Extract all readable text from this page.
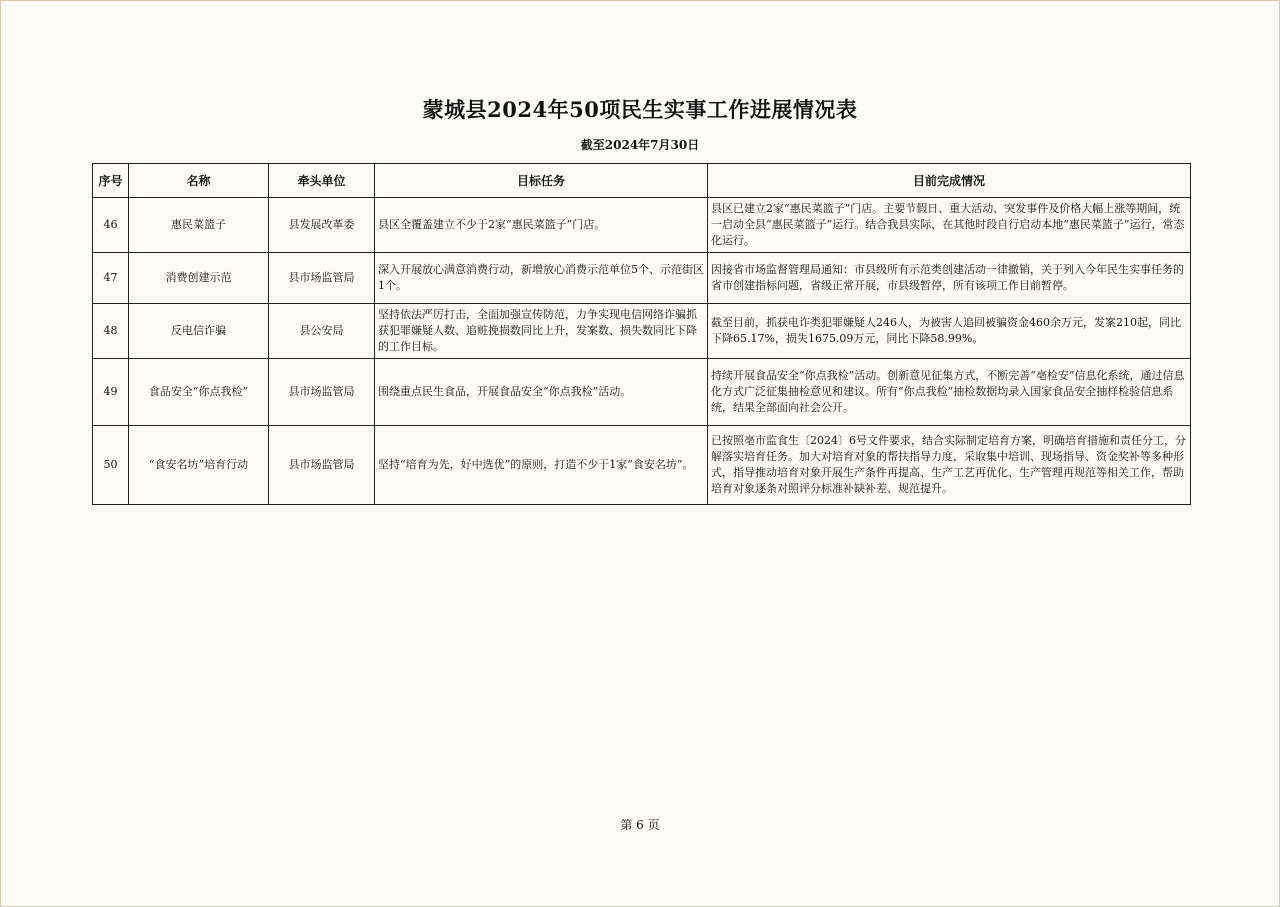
蒙城县2024年50项民生实事工作进展情况表
截至2024年7月30日
序号	名称	牵头单位	目标任务	目前完成情况
46	惠民菜篮子	县发展改革委	县区全覆盖建立不少于2家“惠民菜篮子”门店。	县区已建立2家“惠民菜篮子”门店。主要节假日、重大活动、突发事件及价格大幅上涨等期间，统一启动全县“惠民菜篮子”运行。结合我县实际，在其他时段自行启动本地“惠民菜篮子”运行，常态化运行。
47	消费创建示范	县市场监管局	深入开展放心满意消费行动，新增放心消费示范单位5个、示范街区1个。	因接省市场监督管理局通知：市县级所有示范类创建活动一律撤销，关于列入今年民生实事任务的省市创建指标问题，省级正常开展，市县级暂停，所有该项工作目前暂停。
48	反电信诈骗	县公安局	坚持依法严厉打击，全面加强宣传防范，力争实现电信网络诈骗抓获犯罪嫌疑人数、追赃挽损数同比上升，发案数、损失数同比下降的工作目标。	截至目前，抓获电诈类犯罪嫌疑人246人，为被害人追回被骗资金460余万元，发案210起，同比下降65.17%，损失1675.09万元，同比下降58.99%。
49	食品安全“你点我检”	县市场监管局	围绕重点民生食品，开展食品安全“你点我检”活动。	持续开展食品安全“你点我检”活动。创新意见征集方式，不断完善“亳检安”信息化系统，通过信息化方式广泛征集抽检意见和建议。所有“你点我检”抽检数据均录入国家食品安全抽样检验信息系统，结果全部面向社会公开。
50	“食安名坊”培育行动	县市场监管局	坚持“培育为先，好中选优”的原则，打造不少于1家“食安名坊”。	已按照亳市监食生〔2024〕6号文件要求，结合实际制定培育方案，明确培育措施和责任分工，分解落实培育任务。加大对培育对象的帮扶指导力度，采取集中培训、现场指导、资金奖补等多种形式，指导推动培育对象开展生产条件再提高、生产工艺再优化、生产管理再规范等相关工作，帮助培育对象逐条对照评分标准补缺补差、规范提升。
第 6 页
